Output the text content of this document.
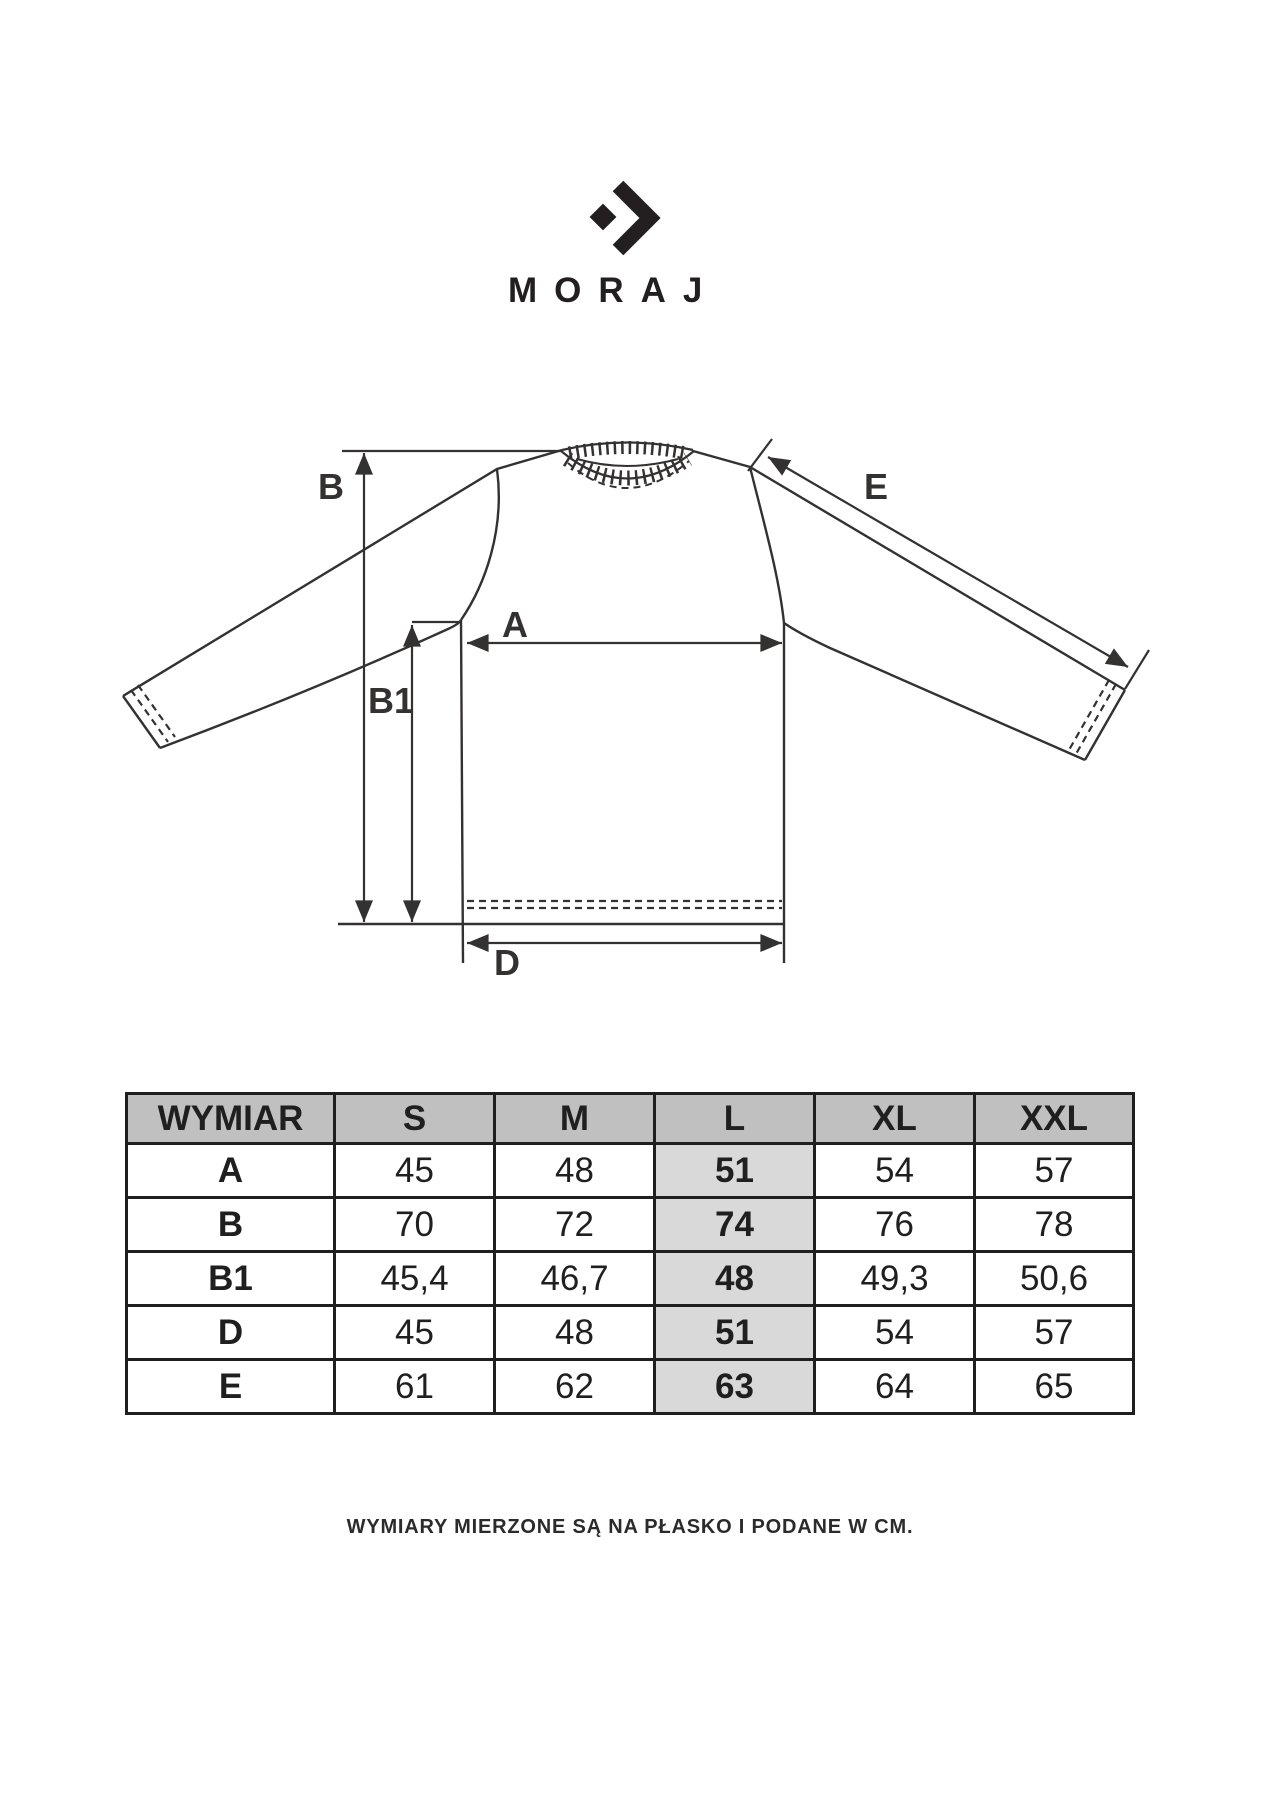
MORAJ
B
B1
A
D
E
WYMIAR	S	M	L	XL	XXL
A	45	48	51	54	57
B	70	72	74	76	78
B1	45,4	46,7	48	49,3	50,6
D	45	48	51	54	57
E	61	62	63	64	65
WYMIARY MIERZONE SĄ NA PŁASKO I PODANE W CM.
